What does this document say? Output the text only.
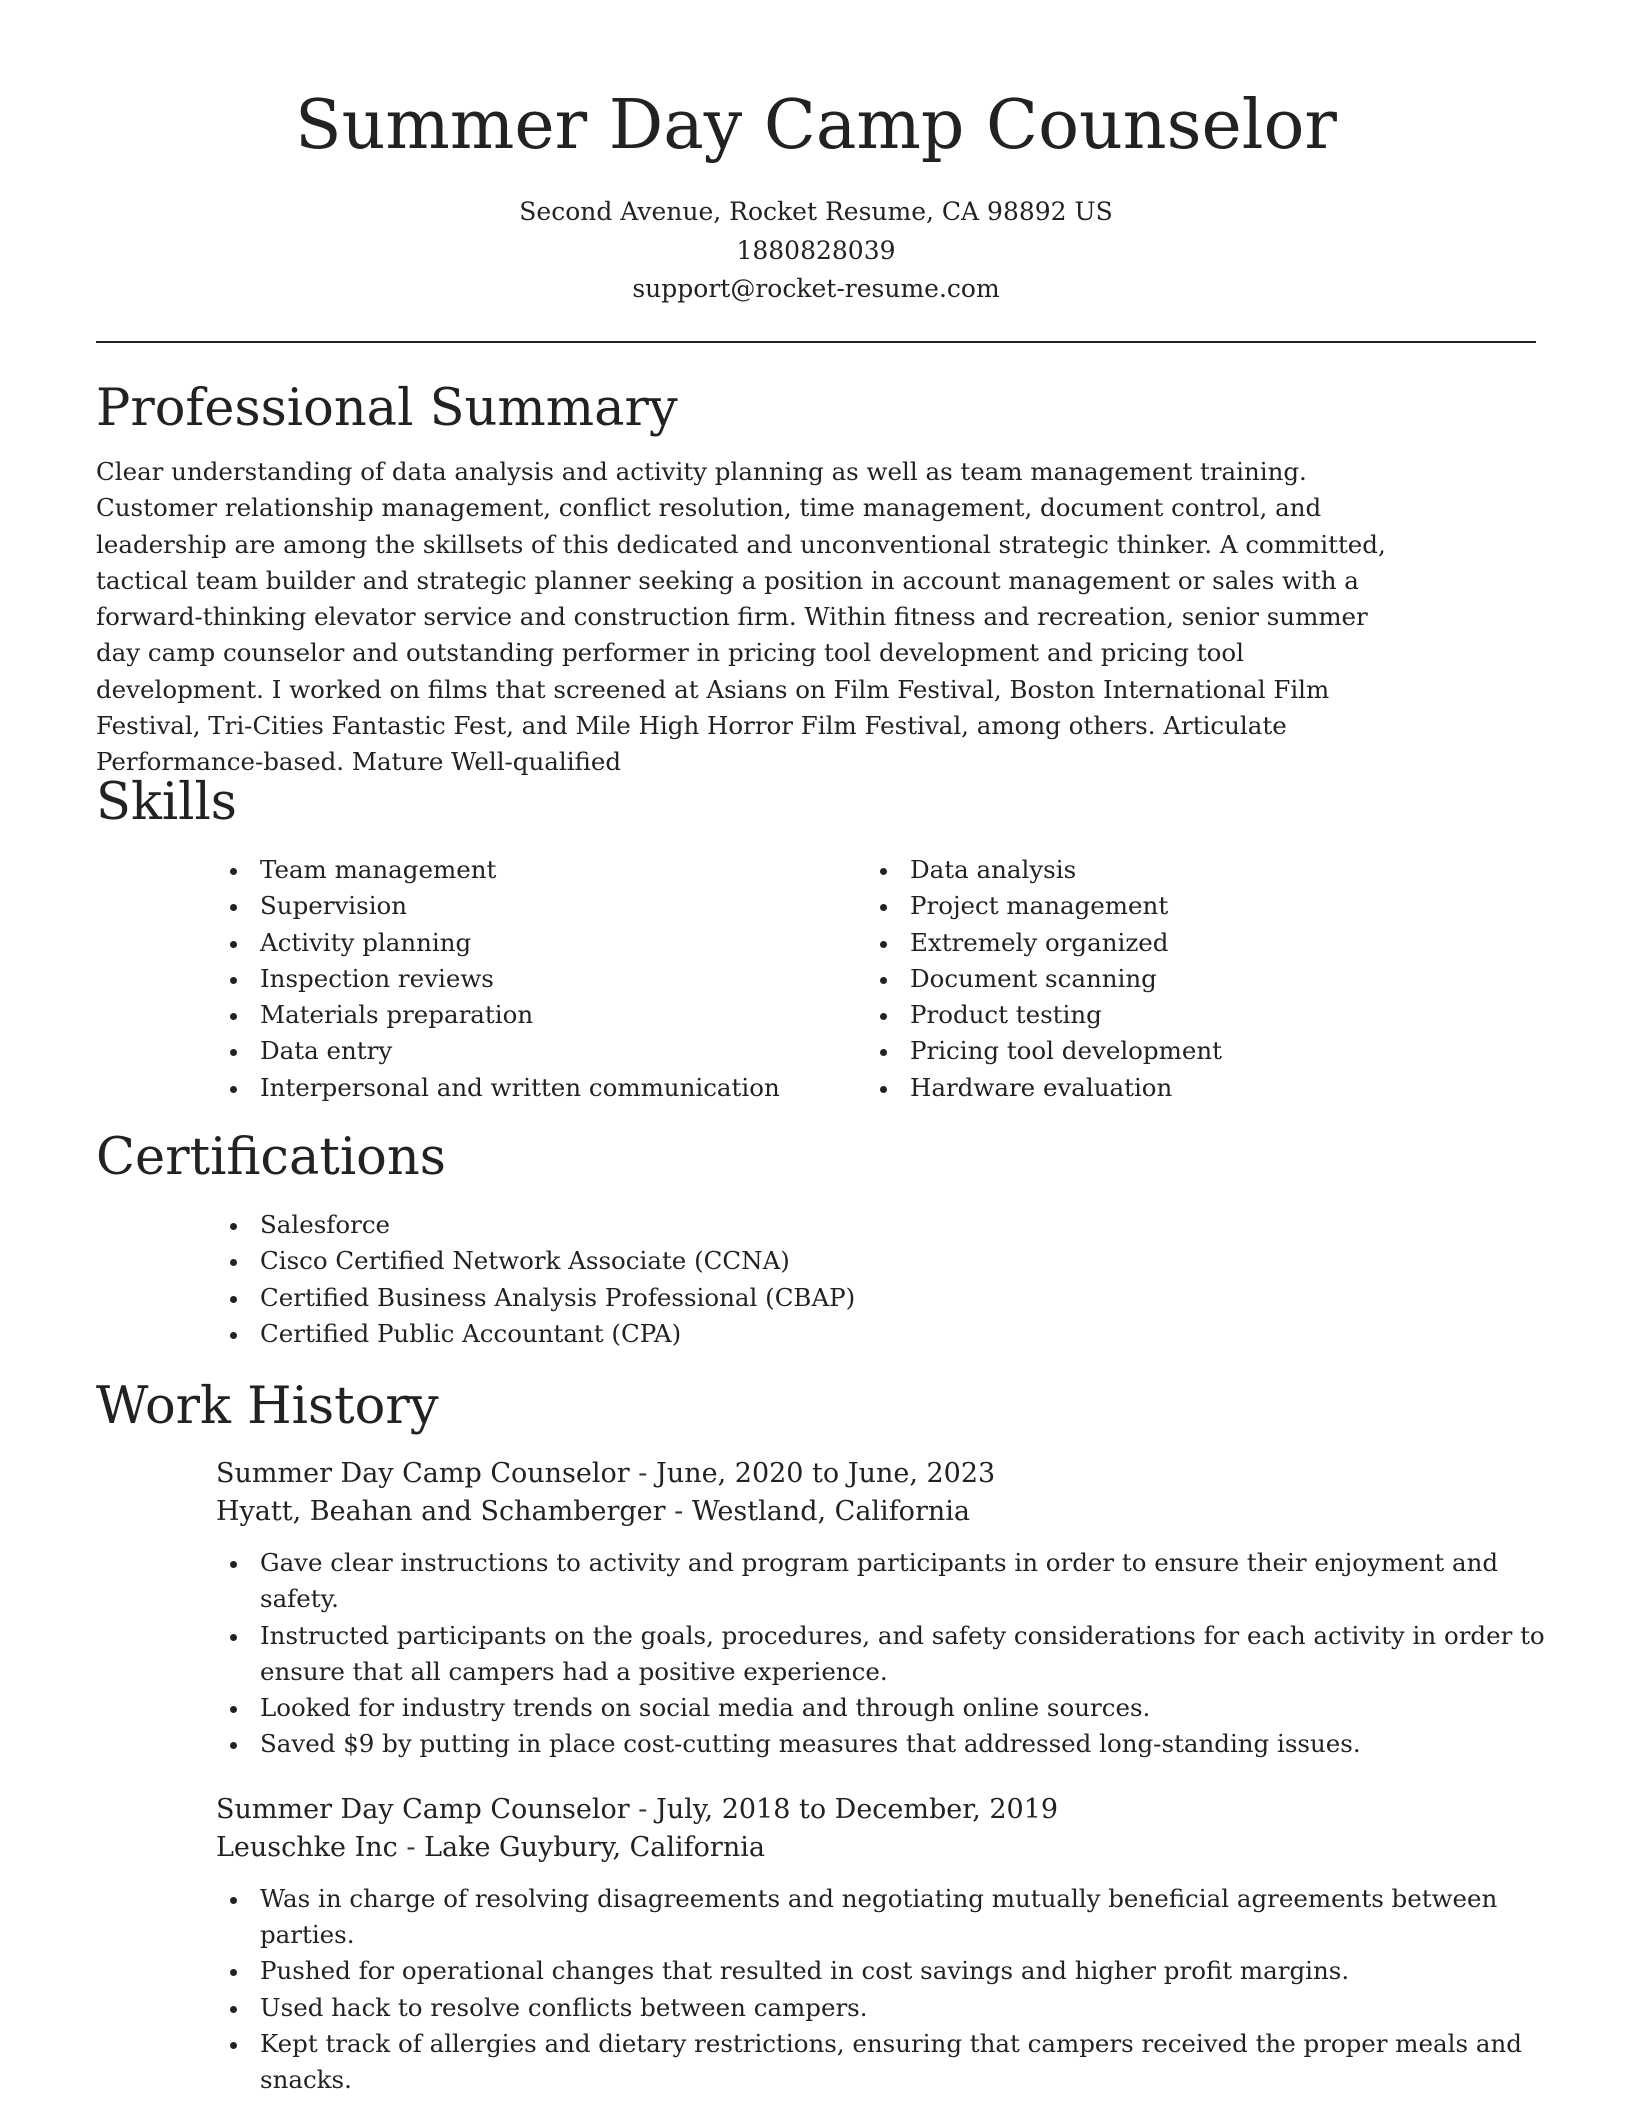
Summer Day Camp Counselor
Second Avenue, Rocket Resume, CA 98892 US
1880828039
support@rocket-resume.com
Professional Summary

Clear understanding of data analysis and activity planning as well as team management training. Customer relationship management, conflict resolution, time management, document control, and leadership are among the skillsets of this dedicated and unconventional strategic thinker. A committed, tactical team builder and strategic planner seeking a position in account management or sales with a forward-thinking elevator service and construction firm. Within fitness and recreation, senior summer day camp counselor and outstanding performer in pricing tool development and pricing tool development. I worked on films that screened at Asians on Film Festival, Boston International Film Festival, Tri-Cities Fantastic Fest, and Mile High Horror Film Festival, among others. Articulate Performance-based. Mature Well-qualified

Skills
Team management
Supervision
Activity planning
Inspection reviews
Materials preparation
Data entry
Interpersonal and written communication
Data analysis
Project management
Extremely organized
Document scanning
Product testing
Pricing tool development
Hardware evaluation
Certifications
Salesforce
Cisco Certified Network Associate (CCNA)
Certified Business Analysis Professional (CBAP)
Certified Public Accountant (CPA)
Work History
Summer Day Camp Counselor - June, 2020 to June, 2023
Hyatt, Beahan and Schamberger - Westland, California
Gave clear instructions to activity and program participants in order to ensure their enjoyment and safety.
Instructed participants on the goals, procedures, and safety considerations for each activity in order to ensure that all campers had a positive experience.
Looked for industry trends on social media and through online sources.
Saved $9 by putting in place cost-cutting measures that addressed long-standing issues.
Summer Day Camp Counselor - July, 2018 to December, 2019
Leuschke Inc - Lake Guybury, California
Was in charge of resolving disagreements and negotiating mutually beneficial agreements between parties.
Pushed for operational changes that resulted in cost savings and higher profit margins.
Used hack to resolve conflicts between campers.
Kept track of allergies and dietary restrictions, ensuring that campers received the proper meals and snacks.
